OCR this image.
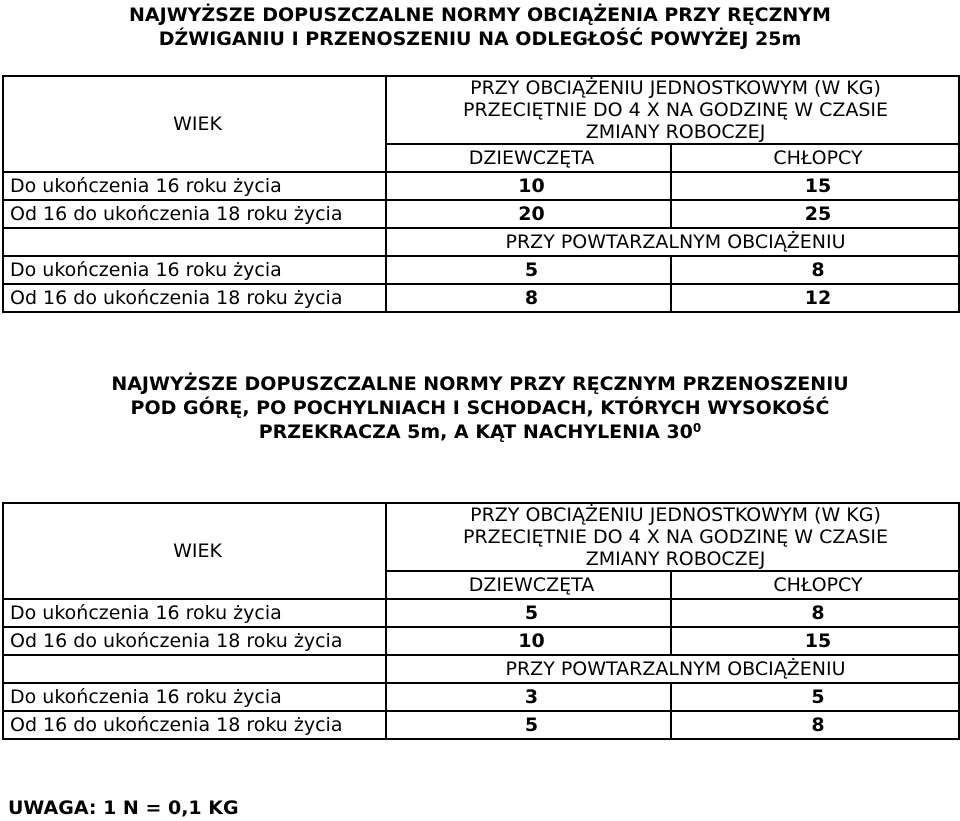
NAJWYŻSZE DOPUSZCZALNE NORMY OBCIĄŻENIA PRZY RĘCZNYM
DŹWIGANIU I PRZENOSZENIU NA ODLEGŁOŚĆ POWYŻEJ 25m
WIEK	PRZY OBCIĄŻENIU JEDNOSTKOWYM (W KG)
PRZECIĘTNIE DO 4 X NA GODZINĘ W CZASIE
ZMIANY ROBOCZEJ	

	DZIEWCZĘTA	CHŁOPCY
Do ukończenia 16 roku życia	10	15
Od 16 do ukończenia 18 roku życia	20	25
	PRZY POWTARZALNYM OBCIĄŻENIU	
Do ukończenia 16 roku życia	5	8
Od 16 do ukończenia 18 roku życia	8	12
NAJWYŻSZE DOPUSZCZALNE NORMY PRZY RĘCZNYM PRZENOSZENIU
POD GÓRĘ, PO POCHYLNIACH I SCHODACH, KTÓRYCH WYSOKOŚĆ
PRZEKRACZA 5m, A KĄT NACHYLENIA $30^0$
WIEK	PRZY OBCIĄŻENIU JEDNOSTKOWYM (W KG)
PRZECIĘTNIE DO 4 X NA GODZINĘ W CZASIE
ZMIANY ROBOCZEJ	

	DZIEWCZĘTA	CHŁOPCY
Do ukończenia 16 roku życia	5	8
Od 16 do ukończenia 18 roku życia	10	15
	PRZY POWTARZALNYM OBCIĄŻENIU	
Do ukończenia 16 roku życia	3	5
Od 16 do ukończenia 18 roku życia	5	8
UWAGA: 1 N = 0,1 KG
